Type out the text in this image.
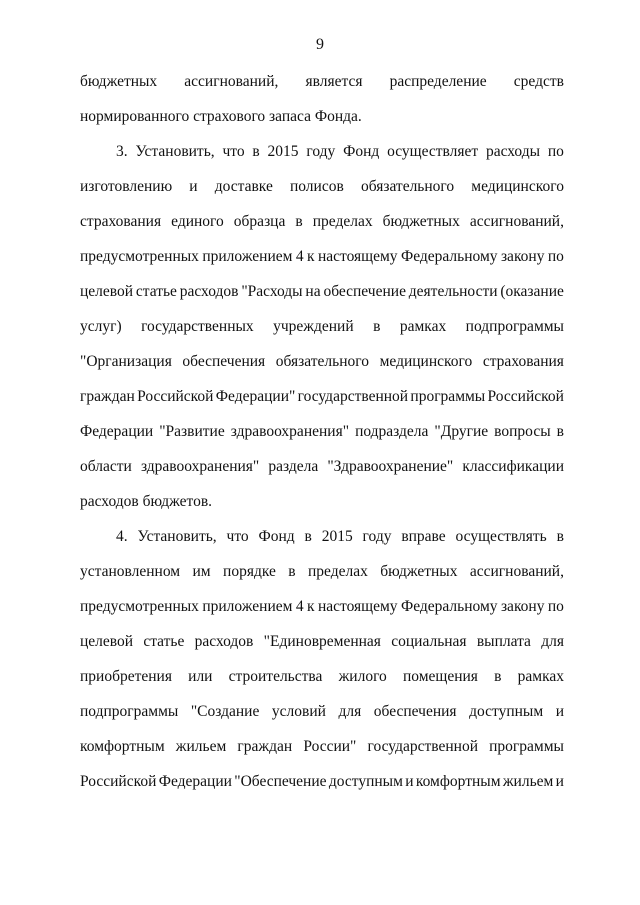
9
бюджетных ассигнований, является распределение средств
нормированного страхового запаса Фонда.
3. Установить, что в 2015 году Фонд осуществляет расходы по
изготовлению и доставке полисов обязательного медицинского
страхования единого образца в пределах бюджетных ассигнований,
предусмотренных приложением 4 к настоящему Федеральному закону по
целевой статье расходов "Расходы на обеспечение деятельности (оказание
услуг) государственных учреждений в рамках подпрограммы
"Организация обеспечения обязательного медицинского страхования
граждан Российской Федерации" государственной программы Российской
Федерации "Развитие здравоохранения" подраздела "Другие вопросы в
области здравоохранения" раздела "Здравоохранение" классификации
расходов бюджетов.
4. Установить, что Фонд в 2015 году вправе осуществлять в
установленном им порядке в пределах бюджетных ассигнований,
предусмотренных приложением 4 к настоящему Федеральному закону по
целевой статье расходов "Единовременная социальная выплата для
приобретения или строительства жилого помещения в рамках
подпрограммы "Создание условий для обеспечения доступным и
комфортным жильем граждан России" государственной программы
Российской Федерации "Обеспечение доступным и комфортным жильем и
